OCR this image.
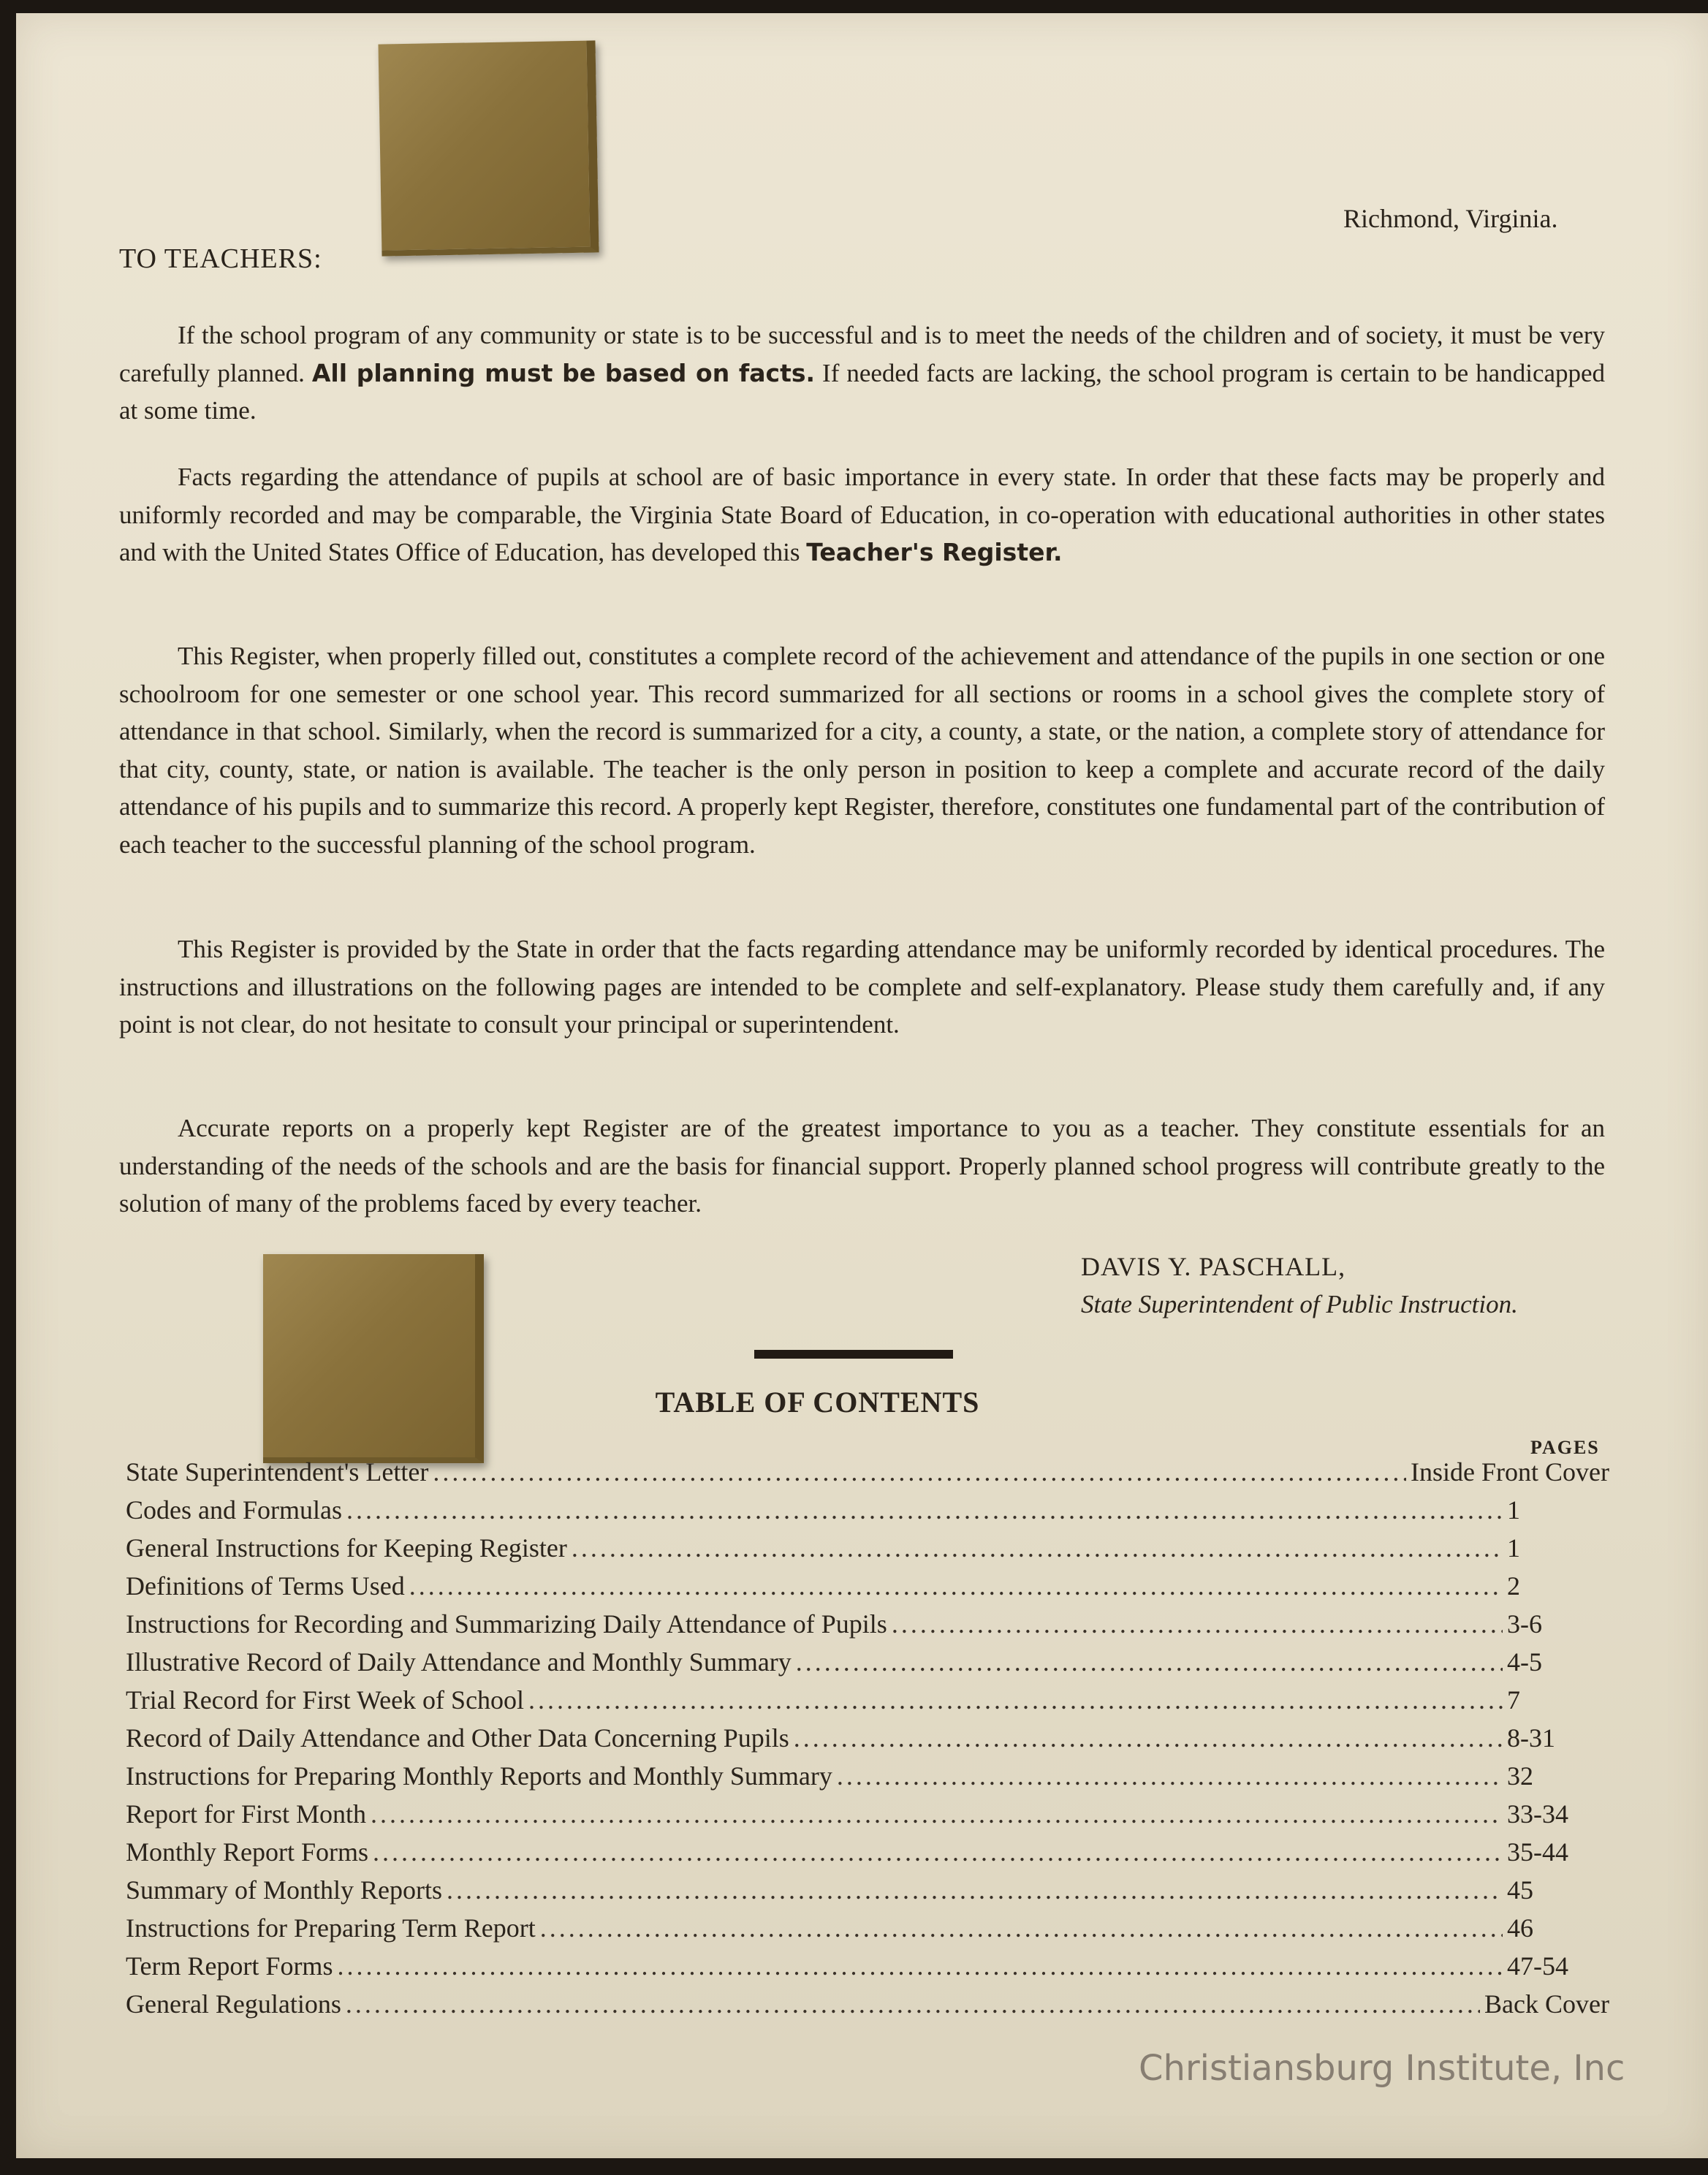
TO TEACHERS:
Richmond, Virginia.

If the school program of any community or state is to be successful and is to meet the needs of the children and of society, it must be very carefully planned. All planning must be based on facts. If needed facts are lacking, the school program is certain to be handicapped at some time.

Facts regarding the attendance of pupils at school are of basic importance in every state. In order that these facts may be properly and uniformly recorded and may be comparable, the Virginia State Board of Education, in co-operation with educational authorities in other states and with the United States Office of Education, has developed this Teacher's Register.

This Register, when properly filled out, constitutes a complete record of the achievement and attendance of the pupils in one section or one schoolroom for one semester or one school year. This record summarized for all sections or rooms in a school gives the complete story of attendance in that school. Similarly, when the record is summarized for a city, a county, a state, or the nation, a complete story of attendance for that city, county, state, or nation is available. The teacher is the only person in position to keep a complete and accurate record of the daily attendance of his pupils and to summarize this record. A properly kept Register, therefore, constitutes one fundamental part of the contribution of each teacher to the successful planning of the school program.

This Register is provided by the State in order that the facts regarding attendance may be uniformly recorded by identical procedures. The instructions and illustrations on the following pages are intended to be complete and self-explanatory. Please study them carefully and, if any point is not clear, do not hesitate to consult your principal or superintendent.

Accurate reports on a properly kept Register are of the greatest importance to you as a teacher. They constitute essentials for an understanding of the needs of the schools and are the basis for financial support. Properly planned school progress will contribute greatly to the solution of many of the problems faced by every teacher.

DAVIS Y. PASCHALL,
State Superintendent of Public Instruction.
TABLE OF CONTENTS
PAGES
State Superintendent's Letter .....	Inside Front Cover
Codes and Formulas .....	1
General Instructions for Keeping Register .....	1
Definitions of Terms Used .....	2
Instructions for Recording and Summarizing Daily Attendance of Pupils .....	3-6
Illustrative Record of Daily Attendance and Monthly Summary .....	4-5
Trial Record for First Week of School .....	7
Record of Daily Attendance and Other Data Concerning Pupils .....	8-31
Instructions for Preparing Monthly Reports and Monthly Summary .....	32
Report for First Month .....	33-34
Monthly Report Forms .....	35-44
Summary of Monthly Reports .....	45
Instructions for Preparing Term Report .....	46
Term Report Forms .....	47-54
General Regulations .....	Back Cover
Christiansburg Institute, Inc
